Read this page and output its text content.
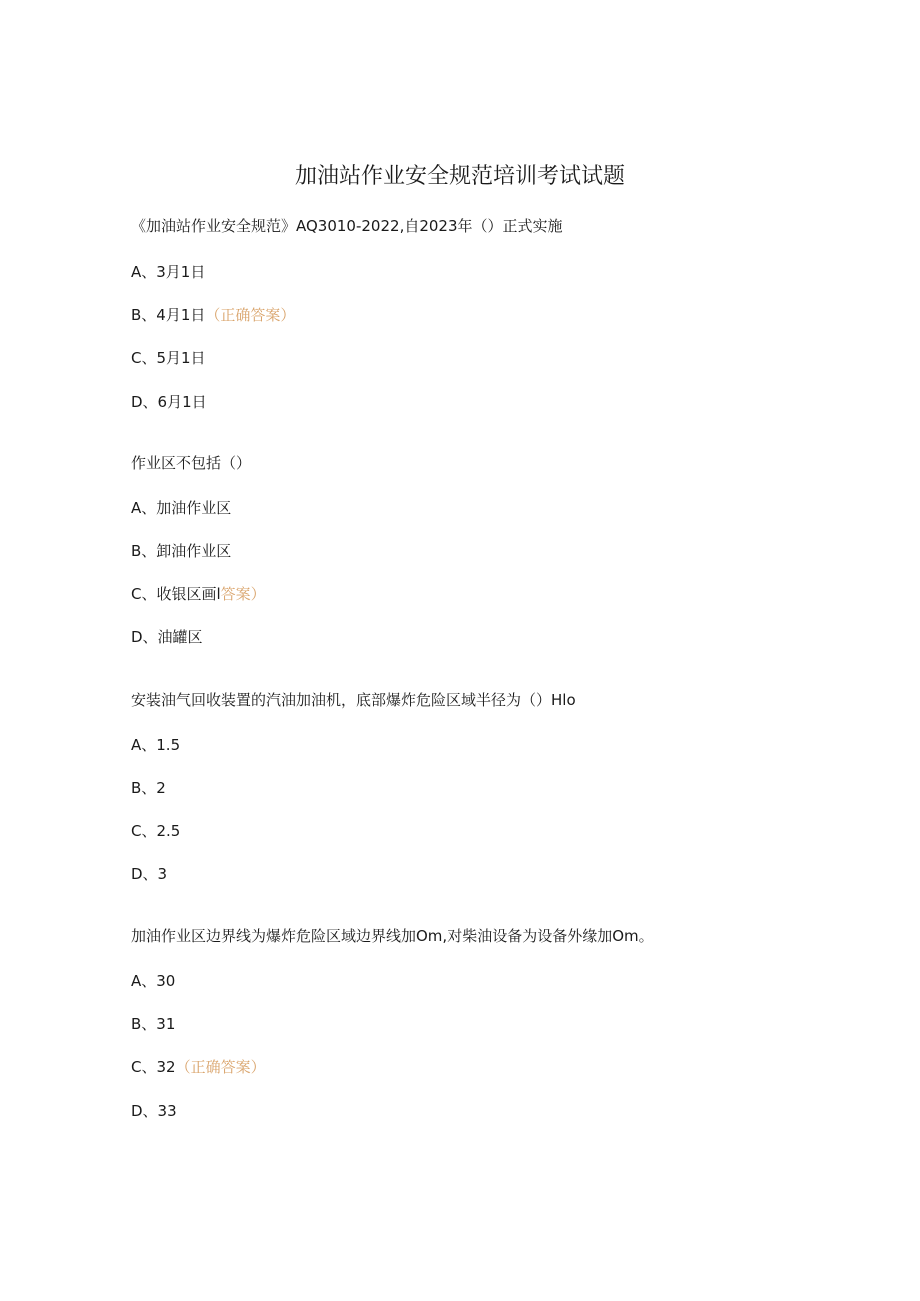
加油站作业安全规范培训考试试题
《加油站作业安全规范》AQ3010-2022,自2023年（）正式实施
A、3月1日
B、4月1日（正确答案）
C、5月1日
D、6月1日
作业区不包括（）
A、加油作业区
B、卸油作业区
C、收银区画l答案）
D、油罐区
安装油气回收装置的汽油加油机，底部爆炸危险区域半径为（）Hlo
A、1.5
B、2
C、2.5
D、3
加油作业区边界线为爆炸危险区域边界线加Om,对柴油设备为设备外缘加Om。
A、30
B、31
C、32（正确答案）
D、33
